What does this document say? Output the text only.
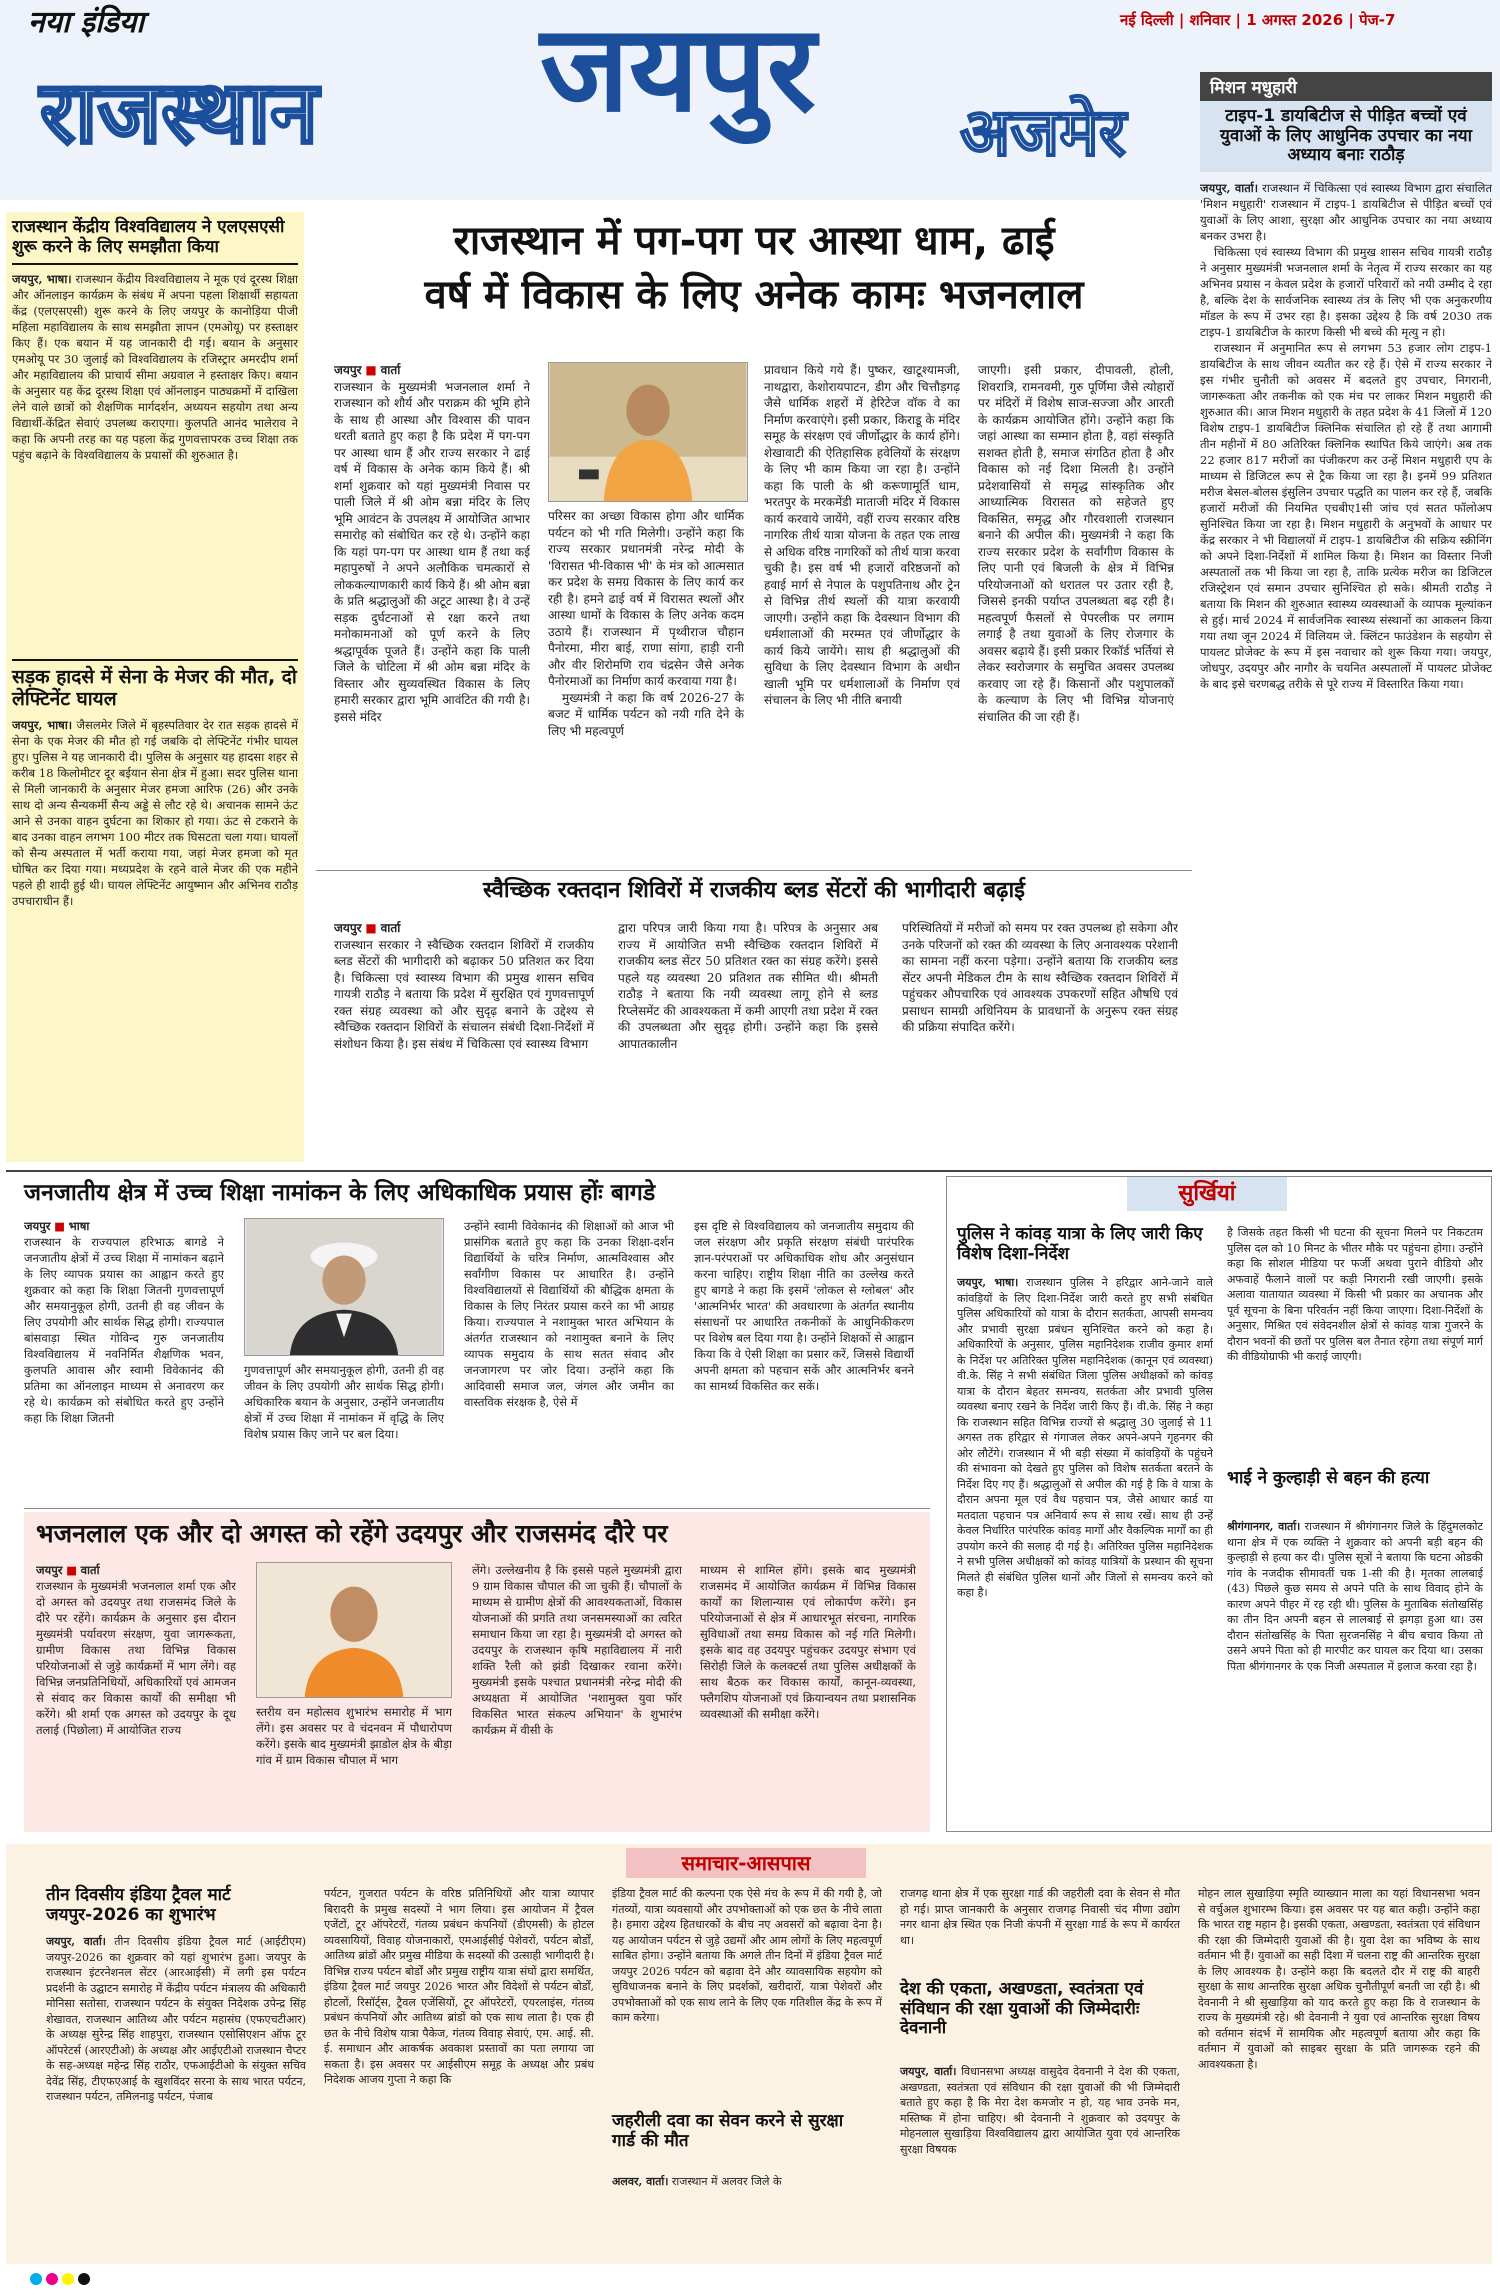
नया इंडिया
राजस्थान जयपुर अजमेर
नई दिल्ली | शनिवार | 1 अगस्त 2026 | पेज-7
मिशन मधुहारी
टाइप-1 डायबिटीज से पीड़ित बच्चों एवं युवाओं के लिए आधुनिक उपचार का नया अध्याय बनाः राठौड़
जयपुर, वार्ता। राजस्थान में चिकित्सा एवं स्वास्थ्य विभाग द्वारा संचालित 'मिशन मधुहारी' राजस्थान में टाइप-1 डायबिटीज से पीड़ित बच्चों एवं युवाओं के लिए आशा, सुरक्षा और आधुनिक उपचार का नया अध्याय बनकर उभरा है।

चिकित्सा एवं स्वास्थ्य विभाग की प्रमुख शासन सचिव गायत्री राठौड़ ने अनुसार मुख्यमंत्री भजनलाल शर्मा के नेतृत्व में राज्य सरकार का यह अभिनव प्रयास न केवल प्रदेश के हजारों परिवारों को नयी उम्मीद दे रहा है, बल्कि देश के सार्वजनिक स्वास्थ्य तंत्र के लिए भी एक अनुकरणीय मॉडल के रूप में उभर रहा है। इसका उद्देश्य है कि वर्ष 2030 तक टाइप-1 डायबिटीज के कारण किसी भी बच्चे की मृत्यु न हो।

राजस्थान में अनुमानित रूप से लगभग 53 हजार लोग टाइप-1 डायबिटीज के साथ जीवन व्यतीत कर रहे हैं। ऐसे में राज्य सरकार ने इस गंभीर चुनौती को अवसर में बदलते हुए उपचार, निगरानी, जागरूकता और तकनीक को एक मंच पर लाकर मिशन मधुहारी की शुरुआत की। आज मिशन मधुहारी के तहत प्रदेश के 41 जिलों में 120 विशेष टाइप-1 डायबिटीज क्लिनिक संचालित हो रहे हैं तथा आगामी तीन महीनों में 80 अतिरिक्त क्लिनिक स्थापित किये जाएंगे। अब तक 22 हजार 817 मरीजों का पंजीकरण कर उन्हें मिशन मधुहारी एप के माध्यम से डिजिटल रूप से ट्रैक किया जा रहा है। इनमें 99 प्रतिशत मरीज बेसल-बोलस इंसुलिन उपचार पद्धति का पालन कर रहे हैं, जबकि हजारों मरीजों की नियमित एचबीए1सी जांच एवं सतत फॉलोअप सुनिश्चित किया जा रहा है। मिशन मधुहारी के अनुभवों के आधार पर केंद्र सरकार ने भी विद्यालयों में टाइप-1 डायबिटीज की सक्रिय स्क्रीनिंग को अपने दिशा-निर्देशों में शामिल किया है। मिशन का विस्तार निजी अस्पतालों तक भी किया जा रहा है, ताकि प्रत्येक मरीज का डिजिटल रजिस्ट्रेशन एवं समान उपचार सुनिश्चित हो सके। श्रीमती राठौड़ ने बताया कि मिशन की शुरुआत स्वास्थ्य व्यवस्थाओं के व्यापक मूल्यांकन से हुई। मार्च 2024 में सार्वजनिक स्वास्थ्य संस्थानों का आकलन किया गया तथा जून 2024 में विलियम जे. क्लिंटन फाउंडेशन के सहयोग से पायलट प्रोजेक्ट के रूप में इस नवाचार को शुरू किया गया। जयपुर, जोधपुर, उदयपुर और नागौर के चयनित अस्पतालों में पायलट प्रोजेक्ट के बाद इसे चरणबद्ध तरीके से पूरे राज्य में विस्तारित किया गया।

राजस्थान केंद्रीय विश्वविद्यालय ने एलएसएसी शुरू करने के लिए समझौता किया
जयपुर, भाषा। राजस्थान केंद्रीय विश्वविद्यालय ने मूक एवं दूरस्थ शिक्षा और ऑनलाइन कार्यक्रम के संबंध में अपना पहला शिक्षार्थी सहायता केंद्र (एलएसएसी) शुरू करने के लिए जयपुर के कानोड़िया पीजी महिला महाविद्यालय के साथ समझौता ज्ञापन (एमओयू) पर हस्ताक्षर किए हैं। एक बयान में यह जानकारी दी गई। बयान के अनुसार एमओयू पर 30 जुलाई को विश्वविद्यालय के रजिस्ट्रार अमरदीप शर्मा और महाविद्यालय की प्राचार्य सीमा अग्रवाल ने हस्ताक्षर किए। बयान के अनुसार यह केंद्र दूरस्थ शिक्षा एवं ऑनलाइन पाठ्यक्रमों में दाखिला लेने वाले छात्रों को शैक्षणिक मार्गदर्शन, अध्ययन सहयोग तथा अन्य विद्यार्थी-केंद्रित सेवाएं उपलब्ध कराएगा। कुलपति आनंद भालेराव ने कहा कि अपनी तरह का यह पहला केंद्र गुणवत्तापरक उच्च शिक्षा तक पहुंच बढ़ाने के विश्वविद्यालय के प्रयासों की शुरुआत है।
सड़क हादसे में सेना के मेजर की मौत, दो लेफ्टिनेंट घायल
जयपुर, भाषा। जैसलमेर जिले में बृहस्पतिवार देर रात सड़क हादसे में सेना के एक मेजर की मौत हो गई जबकि दो लेफ्टिनेंट गंभीर घायल हुए। पुलिस ने यह जानकारी दी। पुलिस के अनुसार यह हादसा शहर से करीब 18 किलोमीटर दूर बईयान सेना क्षेत्र में हुआ। सदर पुलिस थाना से मिली जानकारी के अनुसार मेजर हमजा आरिफ (26) और उनके साथ दो अन्य सैन्यकर्मी सैन्य अड्डे से लौट रहे थे। अचानक सामने ऊंट आने से उनका वाहन दुर्घटना का शिकार हो गया। ऊंट से टकराने के बाद उनका वाहन लगभग 100 मीटर तक घिसटता चला गया। घायलों को सैन्य अस्पताल में भर्ती कराया गया, जहां मेजर हमजा को मृत घोषित कर दिया गया। मध्यप्रदेश के रहने वाले मेजर की एक महीने पहले ही शादी हुई थी। घायल लेफ्टिनेंट आयुष्मान और अभिनव राठौड़ उपचाराधीन हैं।
राजस्थान में पग-पग पर आस्था धाम, ढाई
वर्ष में विकास के लिए अनेक कामः भजनलाल
जयपुर ■ वार्ता
राजस्थान के मुख्यमंत्री भजनलाल शर्मा ने राजस्थान को शौर्य और पराक्रम की भूमि होने के साथ ही आस्था और विश्वास की पावन धरती बताते हुए कहा है कि प्रदेश में पग-पग पर आस्था धाम हैं और राज्य सरकार ने ढाई वर्ष में विकास के अनेक काम किये हैं। श्री शर्मा शुक्रवार को यहां मुख्यमंत्री निवास पर पाली जिले में श्री ओम बन्ना मंदिर के लिए भूमि आवंटन के उपलक्ष्य में आयोजित आभार समारोह को संबोधित कर रहे थे। उन्होंने कहा कि यहां पग-पग पर आस्था धाम हैं तथा कई महापुरुषों ने अपने अलौकिक चमत्कारों से लोककल्याणकारी कार्य किये हैं। श्री ओम बन्ना के प्रति श्रद्धालुओं की अटूट आस्था है। वे उन्हें सड़क दुर्घटनाओं से रक्षा करने तथा मनोकामनाओं को पूर्ण करने के लिए श्रद्धापूर्वक पूजते हैं। उन्होंने कहा कि पाली जिले के चोटिला में श्री ओम बन्ना मंदिर के विस्तार और सुव्यवस्थित विकास के लिए हमारी सरकार द्वारा भूमि आवंटित की गयी है। इससे मंदिर
परिसर का अच्छा विकास होगा और धार्मिक पर्यटन को भी गति मिलेगी। उन्होंने कहा कि राज्य सरकार प्रधानमंत्री नरेन्द्र मोदी के 'विरासत भी-विकास भी' के मंत्र को आत्मसात कर प्रदेश के समग्र विकास के लिए कार्य कर रही है। हमने ढाई वर्ष में विरासत स्थलों और आस्था धामों के विकास के लिए अनेक कदम उठाये हैं। राजस्थान में पृथ्वीराज चौहान पैनोरमा, मीरा बाई, राणा सांगा, हाड़ी रानी और वीर शिरोमणि राव चंद्रसेन जैसे अनेक पैनोरमाओं का निर्माण कार्य करवाया गया है।

मुख्यमंत्री ने कहा कि वर्ष 2026-27 के बजट में धार्मिक पर्यटन को नयी गति देने के लिए भी महत्वपूर्ण

प्रावधान किये गये हैं। पुष्कर, खाटूश्यामजी, नाथद्वारा, केशोरायपाटन, डीग और चित्तौड़गढ़ जैसे धार्मिक शहरों में हेरिटेज वॉक वे का निर्माण करवाएंगे। इसी प्रकार, किराडू के मंदिर समूह के संरक्षण एवं जीर्णोद्धार के कार्य होंगे। शेखावाटी की ऐतिहासिक हवेलियों के संरक्षण के लिए भी काम किया जा रहा है। उन्होंने कहा कि पाली के श्री करूणामूर्ति धाम, भरतपुर के मरकमेंडी माताजी मंदिर में विकास कार्य करवाये जायेंगे, वहीं राज्य सरकार वरिष्ठ नागरिक तीर्थ यात्रा योजना के तहत एक लाख से अधिक वरिष्ठ नागरिकों को तीर्थ यात्रा करवा चुकी है। इस वर्ष भी हजारों वरिष्ठजनों को हवाई मार्ग से नेपाल के पशुपतिनाथ और ट्रेन से विभिन्न तीर्थ स्थलों की यात्रा करवायी जाएगी। उन्होंने कहा कि देवस्थान विभाग की धर्मशालाओं की मरम्मत एवं जीर्णोद्धार के कार्य किये जायेंगे। साथ ही श्रद्धालुओं की सुविधा के लिए देवस्थान विभाग के अधीन खाली भूमि पर धर्मशालाओं के निर्माण एवं संचालन के लिए भी नीति बनायी
जाएगी। इसी प्रकार, दीपावली, होली, शिवरात्रि, रामनवमी, गुरु पूर्णिमा जैसे त्योहारों पर मंदिरों में विशेष साज-सज्जा और आरती के कार्यक्रम आयोजित होंगे। उन्होंने कहा कि जहां आस्था का सम्मान होता है, वहां संस्कृति सशक्त होती है, समाज संगठित होता है और विकास को नई दिशा मिलती है। उन्होंने प्रदेशवासियों से समृद्ध सांस्कृतिक और आध्यात्मिक विरासत को सहेजते हुए विकसित, समृद्ध और गौरवशाली राजस्थान बनाने की अपील की। मुख्यमंत्री ने कहा कि राज्य सरकार प्रदेश के सर्वांगीण विकास के लिए पानी एवं बिजली के क्षेत्र में विभिन्न परियोजनाओं को धरातल पर उतार रही है, जिससे इनकी पर्याप्त उपलब्धता बढ़ रही है। महत्वपूर्ण फैसलों से पेपरलीक पर लगाम लगाई है तथा युवाओं के लिए रोजगार के अवसर बढ़ाये हैं। इसी प्रकार रिकॉर्ड भर्तियां से लेकर स्वरोजगार के समुचित अवसर उपलब्ध करवाए जा रहे हैं। किसानों और पशुपालकों के कल्याण के लिए भी विभिन्न योजनाएं संचालित की जा रही हैं।
स्वैच्छिक रक्तदान शिविरों में राजकीय ब्लड सेंटरों की भागीदारी बढ़ाई
जयपुर ■ वार्ता
राजस्थान सरकार ने स्वैच्छिक रक्तदान शिविरों में राजकीय ब्लड सेंटरों की भागीदारी को बढ़ाकर 50 प्रतिशत कर दिया है। चिकित्सा एवं स्वास्थ्य विभाग की प्रमुख शासन सचिव गायत्री राठौड़ ने बताया कि प्रदेश में सुरक्षित एवं गुणवत्तापूर्ण रक्त संग्रह व्यवस्था को और सुदृढ़ बनाने के उद्देश्य से स्वैच्छिक रक्तदान शिविरों के संचालन संबंधी दिशा-निर्देशों में संशोधन किया है। इस संबंध में चिकित्सा एवं स्वास्थ्य विभाग
द्वारा परिपत्र जारी किया गया है। परिपत्र के अनुसार अब राज्य में आयोजित सभी स्वैच्छिक रक्तदान शिविरों में राजकीय ब्लड सेंटर 50 प्रतिशत रक्त का संग्रह करेंगे। इससे पहले यह व्यवस्था 20 प्रतिशत तक सीमित थी। श्रीमती राठौड़ ने बताया कि नयी व्यवस्था लागू होने से ब्लड रिप्लेसमेंट की आवश्यकता में कमी आएगी तथा प्रदेश में रक्त की उपलब्धता और सुदृढ़ होगी। उन्होंने कहा कि इससे आपातकालीन
परिस्थितियों में मरीजों को समय पर रक्त उपलब्ध हो सकेगा और उनके परिजनों को रक्त की व्यवस्था के लिए अनावश्यक परेशानी का सामना नहीं करना पड़ेगा। उन्होंने बताया कि राजकीय ब्लड सेंटर अपनी मेडिकल टीम के साथ स्वैच्छिक रक्तदान शिविरों में पहुंचकर औपचारिक एवं आवश्यक उपकरणों सहित औषधि एवं प्रसाधन सामग्री अधिनियम के प्रावधानों के अनुरूप रक्त संग्रह की प्रक्रिया संपादित करेंगे।
जनजातीय क्षेत्र में उच्च शिक्षा नामांकन के लिए अधिकाधिक प्रयास होंः बागडे
जयपुर ■ भाषा
राजस्थान के राज्यपाल हरिभाऊ बागडे ने जनजातीय क्षेत्रों में उच्च शिक्षा में नामांकन बढ़ाने के लिए व्यापक प्रयास का आह्वान करते हुए शुक्रवार को कहा कि शिक्षा जितनी गुणवत्तापूर्ण और समयानुकूल होगी, उतनी ही वह जीवन के लिए उपयोगी और सार्थक सिद्ध होगी। राज्यपाल बांसवाड़ा स्थित गोविन्द गुरु जनजातीय विश्वविद्यालय में नवनिर्मित शैक्षणिक भवन, कुलपति आवास और स्वामी विवेकानंद की प्रतिमा का ऑनलाइन माध्यम से अनावरण कर रहे थे। कार्यक्रम को संबोधित करते हुए उन्होंने कहा कि शिक्षा जितनी
गुणवत्तापूर्ण और समयानुकूल होगी, उतनी ही वह जीवन के लिए उपयोगी और सार्थक सिद्ध होगी। अधिकारिक बयान के अनुसार, उन्होंने जनजातीय क्षेत्रों में उच्च शिक्षा में नामांकन में वृद्धि के लिए विशेष प्रयास किए जाने पर बल दिया।
उन्होंने स्वामी विवेकानंद की शिक्षाओं को आज भी प्रासंगिक बताते हुए कहा कि उनका शिक्षा-दर्शन विद्यार्थियों के चरित्र निर्माण, आत्मविश्वास और सर्वांगीण विकास पर आधारित है। उन्होंने विश्वविद्यालयों से विद्यार्थियों की बौद्धिक क्षमता के विकास के लिए निरंतर प्रयास करने का भी आग्रह किया। राज्यपाल ने नशामुक्त भारत अभियान के अंतर्गत राजस्थान को नशामुक्त बनाने के लिए व्यापक समुदाय के साथ सतत संवाद और जनजागरण पर जोर दिया। उन्होंने कहा कि आदिवासी समाज जल, जंगल और जमीन का वास्तविक संरक्षक है, ऐसे में
इस दृष्टि से विश्वविद्यालय को जनजातीय समुदाय की जल संरक्षण और प्रकृति संरक्षण संबंधी पारंपरिक ज्ञान-परंपराओं पर अधिकाधिक शोध और अनुसंधान करना चाहिए। राष्ट्रीय शिक्षा नीति का उल्लेख करते हुए बागडे ने कहा कि इसमें 'लोकल से ग्लोबल' और 'आत्मनिर्भर भारत' की अवधारणा के अंतर्गत स्थानीय संसाधनों पर आधारित तकनीकों के आधुनिकीकरण पर विशेष बल दिया गया है। उन्होंने शिक्षकों से आह्वान किया कि वे ऐसी शिक्षा का प्रसार करें, जिससे विद्यार्थी अपनी क्षमता को पहचान सकें और आत्मनिर्भर बनने का सामर्थ्य विकसित कर सकें।
भजनलाल एक और दो अगस्त को रहेंगे उदयपुर और राजसमंद दौरे पर
जयपुर ■ वार्ता
राजस्थान के मुख्यमंत्री भजनलाल शर्मा एक और दो अगस्त को उदयपुर तथा राजसमंद जिले के दौरे पर रहेंगे। कार्यक्रम के अनुसार इस दौरान मुख्यमंत्री पर्यावरण संरक्षण, युवा जागरूकता, ग्रामीण विकास तथा विभिन्न विकास परियोजनाओं से जुड़े कार्यक्रमों में भाग लेंगे। वह विभिन्न जनप्रतिनिधियों, अधिकारियों एवं आमजन से संवाद कर विकास कार्यों की समीक्षा भी करेंगे। श्री शर्मा एक अगस्त को उदयपुर के दूध तलाई (पिछोला) में आयोजित राज्य
स्तरीय वन महोत्सव शुभारंभ समारोह में भाग लेंगे। इस अवसर पर वे चंदनवन में पौधारोपण करेंगे। इसके बाद मुख्यमंत्री झाडोल क्षेत्र के बीड़ा गांव में ग्राम विकास चौपाल में भाग
लेंगे। उल्लेखनीय है कि इससे पहले मुख्यमंत्री द्वारा 9 ग्राम विकास चौपाल की जा चुकी हैं। चौपालों के माध्यम से ग्रामीण क्षेत्रों की आवश्यकताओं, विकास योजनाओं की प्रगति तथा जनसमस्याओं का त्वरित समाधान किया जा रहा है। मुख्यमंत्री दो अगस्त को उदयपुर के राजस्थान कृषि महाविद्यालय में नारी शक्ति रैली को झंडी दिखाकर रवाना करेंगे। मुख्यमंत्री इसके पश्चात प्रधानमंत्री नरेन्द्र मोदी की अध्यक्षता में आयोजित 'नशामुक्त युवा फॉर विकसित भारत संकल्प अभियान' के शुभारंभ कार्यक्रम में वीसी के
माध्यम से शामिल होंगे। इसके बाद मुख्यमंत्री राजसमंद में आयोजित कार्यक्रम में विभिन्न विकास कार्यों का शिलान्यास एवं लोकार्पण करेंगे। इन परियोजनाओं से क्षेत्र में आधारभूत संरचना, नागरिक सुविधाओं तथा समग्र विकास को नई गति मिलेगी। इसके बाद वह उदयपुर पहुंचकर उदयपुर संभाग एवं सिरोही जिले के कलक्टर्स तथा पुलिस अधीक्षकों के साथ बैठक कर विकास कार्यों, कानून-व्यवस्था, फ्लैगशिप योजनाओं एवं क्रियान्वयन तथा प्रशासनिक व्यवस्थाओं की समीक्षा करेंगे।
सुर्खियां
पुलिस ने कांवड़ यात्रा के लिए जारी किए विशेष दिशा-निर्देश
जयपुर, भाषा। राजस्थान पुलिस ने हरिद्वार आने-जाने वाले कांवड़ियों के लिए दिशा-निर्देश जारी करते हुए सभी संबंधित पुलिस अधिकारियों को यात्रा के दौरान सतर्कता, आपसी समन्वय और प्रभावी सुरक्षा प्रबंधन सुनिश्चित करने को कहा है। अधिकारियों के अनुसार, पुलिस महानिदेशक राजीव कुमार शर्मा के निर्देश पर अतिरिक्त पुलिस महानिदेशक (कानून एवं व्यवस्था) वी.के. सिंह ने सभी संबंधित जिला पुलिस अधीक्षकों को कांवड़ यात्रा के दौरान बेहतर समन्वय, सतर्कता और प्रभावी पुलिस व्यवस्था बनाए रखने के निर्देश जारी किए हैं। वी.के. सिंह ने कहा कि राजस्थान सहित विभिन्न राज्यों से श्रद्धालु 30 जुलाई से 11 अगस्त तक हरिद्वार से गंगाजल लेकर अपने-अपने गृहनगर की ओर लौटेंगे। राजस्थान में भी बड़ी संख्या में कांवड़ियों के पहुंचने की संभावना को देखते हुए पुलिस को विशेष सतर्कता बरतने के निर्देश दिए गए हैं। श्रद्धालुओं से अपील की गई है कि वे यात्रा के दौरान अपना मूल एवं वैध पहचान पत्र, जैसे आधार कार्ड या मतदाता पहचान पत्र अनिवार्य रूप से साथ रखें। साथ ही उन्हें केवल निर्धारित पारंपरिक कांवड़ मार्गों और वैकल्पिक मार्गों का ही उपयोग करने की सलाह दी गई है। अतिरिक्त पुलिस महानिदेशक ने सभी पुलिस अधीक्षकों को कांवड़ यात्रियों के प्रस्थान की सूचना मिलते ही संबंधित पुलिस थानों और जिलों से समन्वय करने को कहा है।
है जिसके तहत किसी भी घटना की सूचना मिलने पर निकटतम पुलिस दल को 10 मिनट के भीतर मौके पर पहुंचना होगा। उन्होंने कहा कि सोशल मीडिया पर फर्जी अथवा पुराने वीडियो और अफवाहें फैलाने वालों पर कड़ी निगरानी रखी जाएगी। इसके अलावा यातायात व्यवस्था में किसी भी प्रकार का अचानक और पूर्व सूचना के बिना परिवर्तन नहीं किया जाएगा। दिशा-निर्देशों के अनुसार, मिश्रित एवं संवेदनशील क्षेत्रों से कांवड़ यात्रा गुजरने के दौरान भवनों की छतों पर पुलिस बल तैनात रहेगा तथा संपूर्ण मार्ग की वीडियोग्राफी भी कराई जाएगी।
भाई ने कुल्हाड़ी से बहन की हत्या
श्रीगंगानगर, वार्ता। राजस्थान में श्रीगंगानगर जिले के हिंदुमलकोट थाना क्षेत्र में एक व्यक्ति ने शुक्रवार को अपनी बड़ी बहन की कुल्हाड़ी से हत्या कर दी। पुलिस सूत्रों ने बताया कि घटना ओडकी गांव के नजदीक सीमावर्ती चक 1-सी की है। मृतका लालबाई (43) पिछले कुछ समय से अपने पति के साथ विवाद होने के कारण अपने पीहर में रह रही थी। पुलिस के मुताबिक संतोखसिंह का तीन दिन अपनी बहन से लालबाई से झगड़ा हुआ था। उस दौरान संतोखसिंह के पिता सुरजनसिंह ने बीच बचाव किया तो उसने अपने पिता को ही मारपीट कर घायल कर दिया था। उसका पिता श्रीगंगानगर के एक निजी अस्पताल में इलाज करवा रहा है।
समाचार-आसपास
तीन दिवसीय इंडिया ट्रैवल मार्ट जयपुर-2026 का शुभारंभ
जयपुर, वार्ता। तीन दिवसीय इंडिया ट्रैवल मार्ट (आईटीएम) जयपुर-2026 का शुक्रवार को यहां शुभारंभ हुआ। जयपुर के राजस्थान इंटरनेशनल सेंटर (आरआईसी) में लगी इस पर्यटन प्रदर्शनी के उद्घाटन समारोह में केंद्रीय पर्यटन मंत्रालय की अधिकारी मोनिसा सतोसा, राजस्थान पर्यटन के संयुक्त निदेशक उपेन्द्र सिंह शेखावत, राजस्थान आतिथ्य और पर्यटन महासंघ (एफएचटीआर) के अध्यक्ष सुरेन्द्र सिंह शाहपुरा, राजस्थान एसोसिएशन ऑफ टूर ऑपरेटर्स (आरएटीओ) के अध्यक्ष और आईएटीओ राजस्थान चैप्टर के सह-अध्यक्ष महेन्द्र सिंह राठौर, एफआईटीओ के संयुक्त सचिव देवेंद्र सिंह, टीएफएआई के खुशविंदर सरना के साथ भारत पर्यटन, राजस्थान पर्यटन, तमिलनाडु पर्यटन, पंजाब
पर्यटन, गुजरात पर्यटन के वरिष्ठ प्रतिनिधियों और यात्रा व्यापार बिरादरी के प्रमुख सदस्यों ने भाग लिया। इस आयोजन में ट्रैवल एजेंटों, टूर ऑपरेटरों, गंतव्य प्रबंधन कंपनियों (डीएमसी) के होटल व्यवसायियों, विवाह योजनाकारों, एमआईसीई पेशेवरों, पर्यटन बोर्डों, आतिथ्य ब्रांडों और प्रमुख मीडिया के सदस्यों की उत्साही भागीदारी है। विभिन्न राज्य पर्यटन बोर्डों और प्रमुख राष्ट्रीय यात्रा संघों द्वारा समर्थित, इंडिया ट्रैवल मार्ट जयपुर 2026 भारत और विदेशों से पर्यटन बोर्डों, होटलों, रिसॉर्ट्स, ट्रैवल एजेंसियों, टूर ऑपरेटरों, एयरलाइंस, गंतव्य प्रबंधन कंपनियों और आतिथ्य ब्रांडों को एक साथ लाता है। एक ही छत के नीचे विशेष यात्रा पैकेज, गंतव्य विवाह सेवाएं, एम. आई. सी. ई. समाधान और आकर्षक अवकाश प्रस्तावों का पता लगाया जा सकता है। इस अवसर पर आईसीएम समूह के अध्यक्ष और प्रबंध निदेशक आजय गुप्ता ने कहा कि
इंडिया ट्रैवल मार्ट की कल्पना एक ऐसे मंच के रूप में की गयी है, जो गंतव्यों, यात्रा व्यवसायों और उपभोक्ताओं को एक छत के नीचे लाता है। हमारा उद्देश्य हितधारकों के बीच नए अवसरों को बढ़ावा देना है। यह आयोजन पर्यटन से जुड़े उद्यमों और आम लोगों के लिए महत्वपूर्ण साबित होगा। उन्होंने बताया कि अगले तीन दिनों में इंडिया ट्रैवल मार्ट जयपुर 2026 पर्यटन को बढ़ावा देने और व्यावसायिक सहयोग को सुविधाजनक बनाने के लिए प्रदर्शकों, खरीदारों, यात्रा पेशेवरों और उपभोक्ताओं को एक साथ लाने के लिए एक गतिशील केंद्र के रूप में काम करेगा।
जहरीली दवा का सेवन करने से सुरक्षा गार्ड की मौत
अलवर, वार्ता। राजस्थान में अलवर जिले के
राजगढ़ थाना क्षेत्र में एक सुरक्षा गार्ड की जहरीली दवा के सेवन से मौत हो गई। प्राप्त जानकारी के अनुसार राजगढ़ निवासी चंद मीणा उद्योग नगर थाना क्षेत्र स्थित एक निजी कंपनी में सुरक्षा गार्ड के रूप में कार्यरत था।
देश की एकता, अखण्डता, स्वतंत्रता एवं संविधान की रक्षा युवाओं की जिम्मेदारीः देवनानी
जयपुर, वार्ता। विधानसभा अध्यक्ष वासुदेव देवनानी ने देश की एकता, अखण्डता, स्वतंत्रता एवं संविधान की रक्षा युवाओं की भी जिम्मेदारी बताते हुए कहा है कि मेरा देश कमजोर न हो, यह भाव उनके मन, मस्तिष्क में होना चाहिए। श्री देवनानी ने शुक्रवार को उदयपुर के मोहनलाल सुखाड़िया विश्वविद्यालय द्वारा आयोजित युवा एवं आन्तरिक सुरक्षा विषयक
मोहन लाल सुखाड़िया स्मृति व्याख्यान माला का यहां विधानसभा भवन से वर्चुअल शुभारम्भ किया। इस अवसर पर यह बात कही। उन्होंने कहा कि भारत राष्ट्र महान है। इसकी एकता, अखण्डता, स्वतंत्रता एवं संविधान की रक्षा की जिम्मेदारी युवाओं की है। युवा देश का भविष्य के साथ वर्तमान भी हैं। युवाओं का सही दिशा में चलना राष्ट्र की आन्तरिक सुरक्षा के लिए आवश्यक है। उन्होंने कहा कि बदलते दौर में राष्ट्र की बाहरी सुरक्षा के साथ आन्तरिक सुरक्षा अधिक चुनौतीपूर्ण बनती जा रही है। श्री देवनानी ने श्री सुखाड़िया को याद करते हुए कहा कि वे राजस्थान के राज्य के मुख्यमंत्री रहे। श्री देवनानी ने युवा एवं आन्तरिक सुरक्षा विषय को वर्तमान संदर्भ में सामयिक और महत्वपूर्ण बताया और कहा कि वर्तमान में युवाओं को साइबर सुरक्षा के प्रति जागरूक रहने की आवश्यकता है।
